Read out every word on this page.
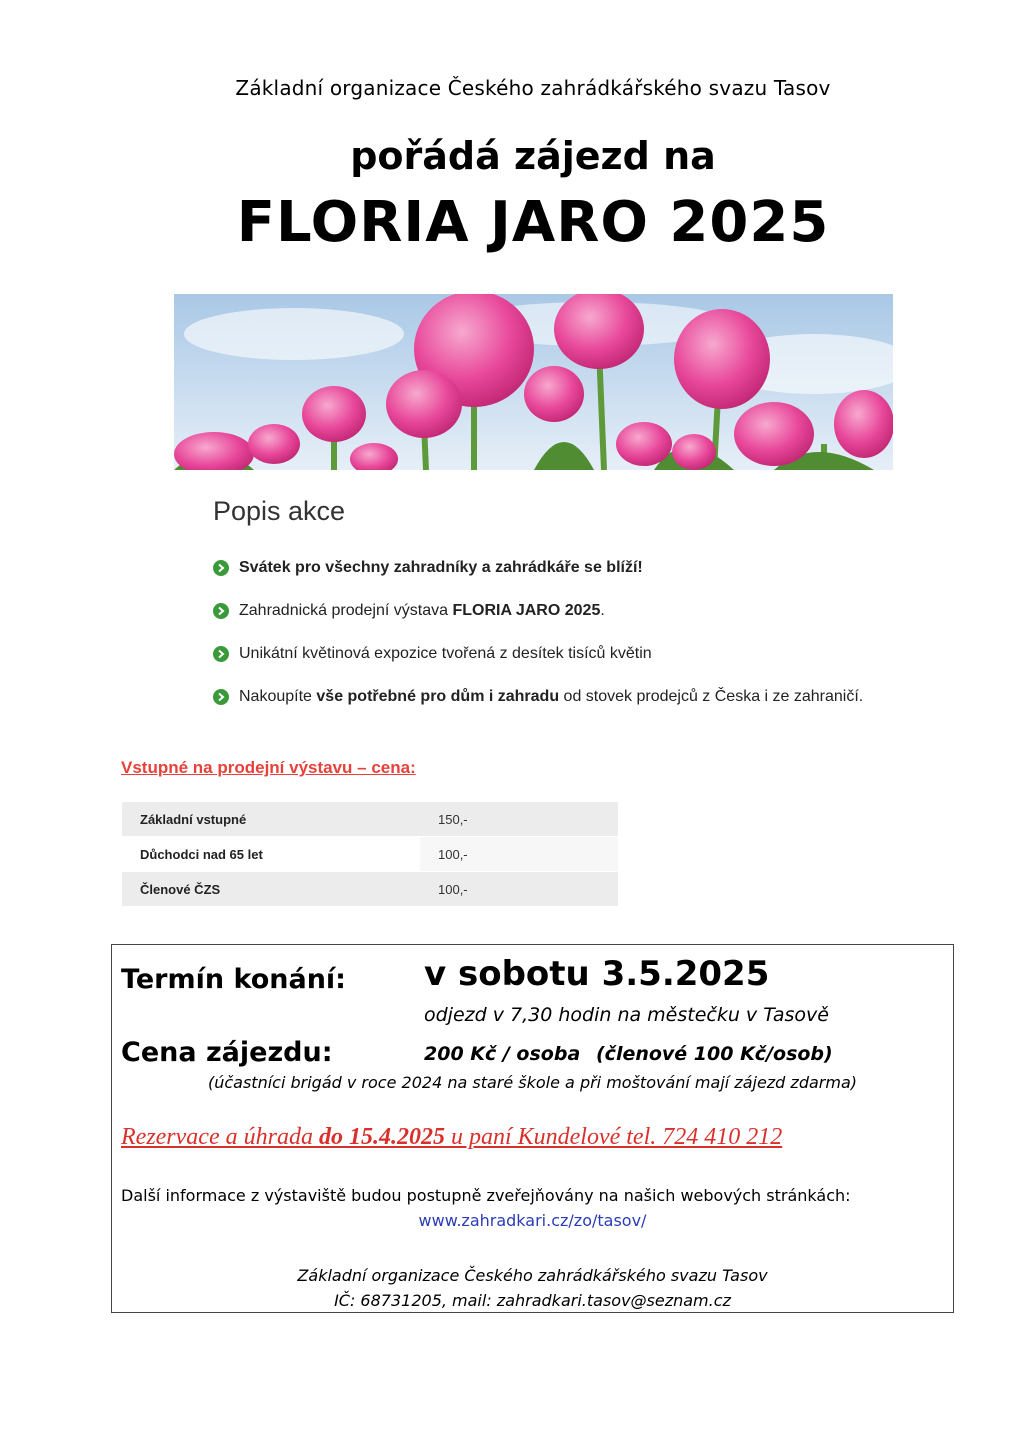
Základní organizace Českého zahrádkářského svazu Tasov
pořádá zájezd na
FLORIA JARO 2025
Popis akce
Svátek pro všechny zahradníky a zahrádkáře se blíží!
Zahradnická prodejní výstava FLORIA JARO 2025.
Unikátní květinová expozice tvořená z desítek tisíců květin
Nakoupíte vše potřebné pro dům i zahradu od stovek prodejců z Česka i ze zahraničí.
Vstupné na prodejní výstavu – cena:
Základní vstupné	150,-
Důchodci nad 65 let	100,-
Členové ČZS	100,-
Termín konání: v sobotu 3.5.2025
odjezd v 7,30 hodin na městečku v Tasově
Cena zájezdu:	200 Kč / osoba (členové 100 Kč/osob)
(účastníci brigád v roce 2024 na staré škole a při moštování mají zájezd zdarma)
Rezervace a úhrada do 15.4.2025 u paní Kundelové tel. 724 410 212
Další informace z výstaviště budou postupně zveřejňovány na našich webových stránkách:
www.zahradkari.cz/zo/tasov/
Základní organizace Českého zahrádkářského svazu Tasov
IČ: 68731205, mail: zahradkari.tasov@seznam.cz
